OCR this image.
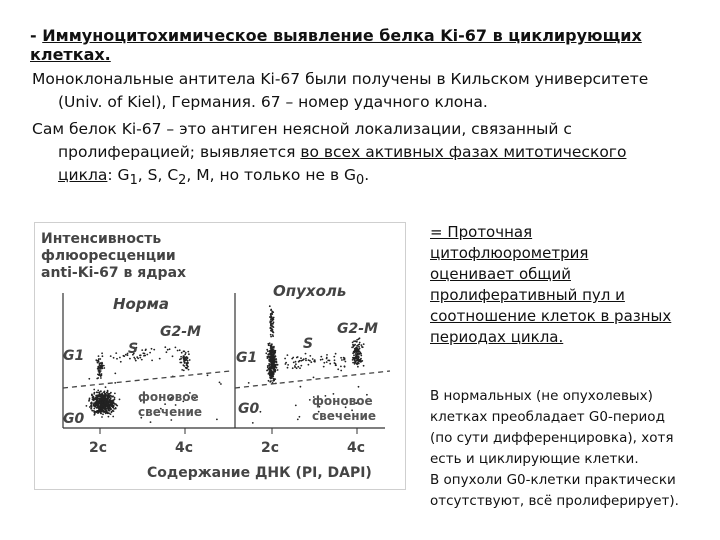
- Иммуноцитохимическое выявление белка Ki-67 в циклирующих клетках.
Моноклональные антитела Ki-67 были получены в Кильском университете
(Univ. of Kiel), Германия. 67 – номер удачного клона.
Сам белок Ki-67 – это антиген неясной локализации, связанный с
пролиферацией; выявляется во всех активных фазах митотического
цикла: $G_1$, S, $C_2$, M, но только не в $G_0$.
Интенсивность
флюоресценции
anti-Ki-67 в ядрах
Норма
Опухоль
G1
G0
S
G2-M
фоновое
свечение
G1
G0
S
G2-M
фоновое
свечение
2c	4c	2c	4c
Содержание ДНК (PI, DAPI)
= Проточная
цитофлюорометрия
оценивает общий
пролиферативный пул и
соотношение клеток в разных
периодах цикла.
В нормальных (не опухолевых)
клетках преобладает G0-период
(по сути дифференцировка), хотя
есть и циклирующие клетки.
В опухоли G0-клетки практически
отсутствуют, всё пролиферирует).
